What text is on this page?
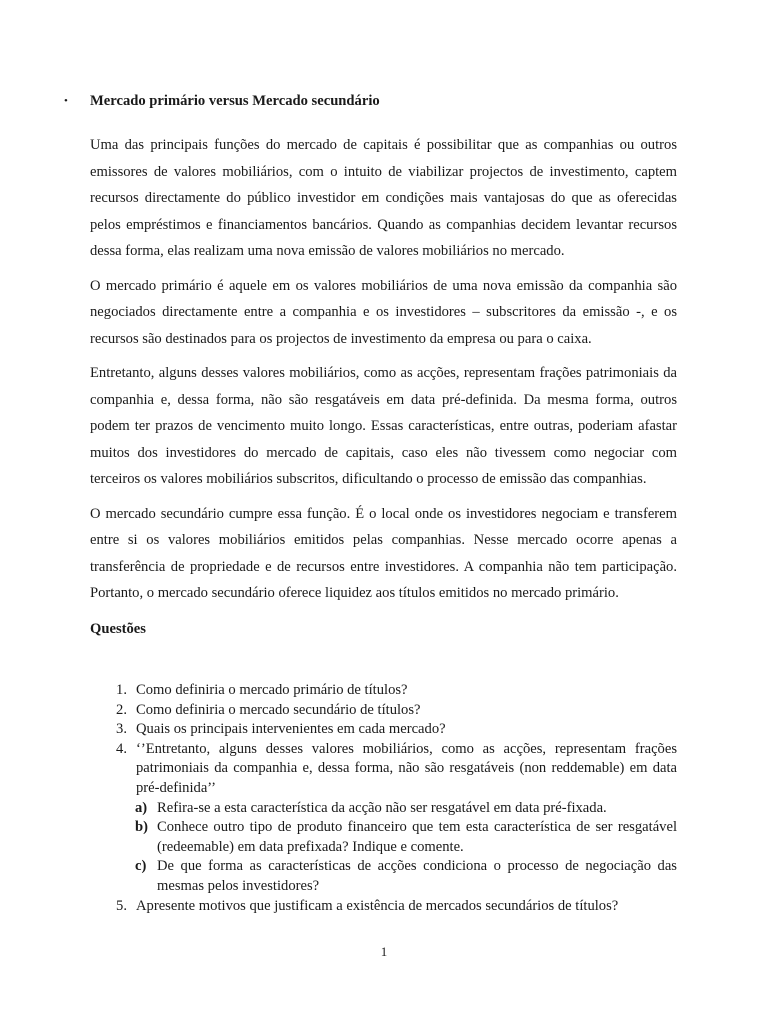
•	Mercado primário versus Mercado secundário

Uma das principais funções do mercado de capitais é possibilitar que as companhias ou outros emissores de valores mobiliários, com o intuito de viabilizar projectos de investimento, captem recursos directamente do público investidor em condições mais vantajosas do que as oferecidas pelos empréstimos e financiamentos bancários. Quando as companhias decidem levantar recursos dessa forma, elas realizam uma nova emissão de valores mobiliários no mercado.

O mercado primário é aquele em os valores mobiliários de uma nova emissão da companhia são negociados directamente entre a companhia e os investidores – subscritores da emissão -, e os recursos são destinados para os projectos de investimento da empresa ou para o caixa.

Entretanto, alguns desses valores mobiliários, como as acções, representam frações patrimoniais da companhia e, dessa forma, não são resgatáveis em data pré-definida. Da mesma forma, outros podem ter prazos de vencimento muito longo. Essas características, entre outras, poderiam afastar muitos dos investidores do mercado de capitais, caso eles não tivessem como negociar com terceiros os valores mobiliários subscritos, dificultando o processo de emissão das companhias.

O mercado secundário cumpre essa função. É o local onde os investidores negociam e transferem entre si os valores mobiliários emitidos pelas companhias. Nesse mercado ocorre apenas a transferência de propriedade e de recursos entre investidores. A companhia não tem participação. Portanto, o mercado secundário oferece liquidez aos títulos emitidos no mercado primário.

Questões
1. Como definiria o mercado primário de títulos?
2. Como definiria o mercado secundário de títulos?
3. Quais os principais intervenientes em cada mercado?
4. ‘’Entretanto, alguns desses valores mobiliários, como as acções, representam frações patrimoniais da companhia e, dessa forma, não são resgatáveis (non reddemable) em data pré-definida’’
a) Refira-se a esta característica da acção não ser resgatável em data pré-fixada.
b) Conhece outro tipo de produto financeiro que tem esta característica de ser resgatável (redeemable) em data prefixada? Indique e comente.
c) De que forma as características de acções condiciona o processo de negociação das mesmas pelos investidores?
5. Apresente motivos que justificam a existência de mercados secundários de títulos?
1
